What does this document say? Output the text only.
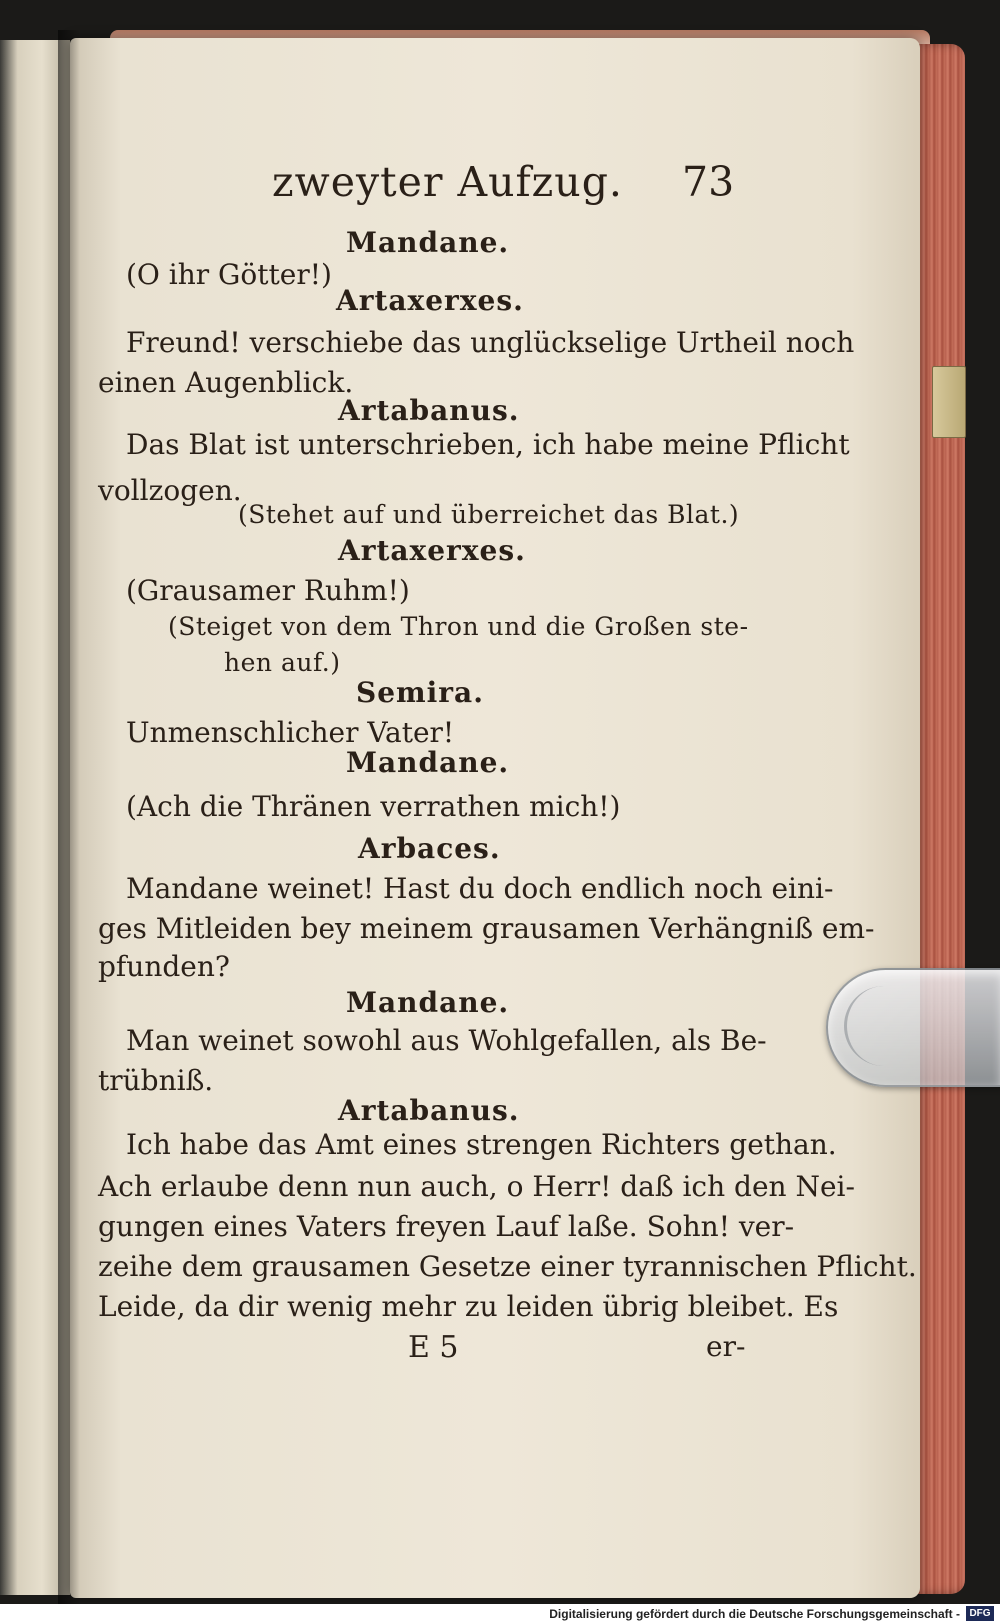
zweyter Aufzug. 73
Mandane.
(O ihr Götter!)
Artaxerxes.
Freund! verschiebe das unglückselige Urtheil noch
einen Augenblick.
Artabanus.
Das Blat ist unterschrieben, ich habe meine Pflicht
vollzogen.
(Stehet auf und überreichet das Blat.)
Artaxerxes.
(Grausamer Ruhm!)
(Steiget von dem Thron und die Großen ste-
hen auf.)
Semira.
Unmenschlicher Vater!
Mandane.
(Ach die Thränen verrathen mich!)
Arbaces.
Mandane weinet! Hast du doch endlich noch eini-
ges Mitleiden bey meinem grausamen Verhängniß em-
pfunden?
Mandane.
Man weinet sowohl aus Wohlgefallen, als Be-
trübniß.
Artabanus.
Ich habe das Amt eines strengen Richters gethan.
Ach erlaube denn nun auch, o Herr! daß ich den Nei-
gungen eines Vaters freyen Lauf laße. Sohn! ver-
zeihe dem grausamen Gesetze einer tyrannischen Pflicht.
Leide, da dir wenig mehr zu leiden übrig bleibet. Es
E 5	er-
Digitalisierung gefördert durch die Deutsche Forschungsgemeinschaft - DFG
